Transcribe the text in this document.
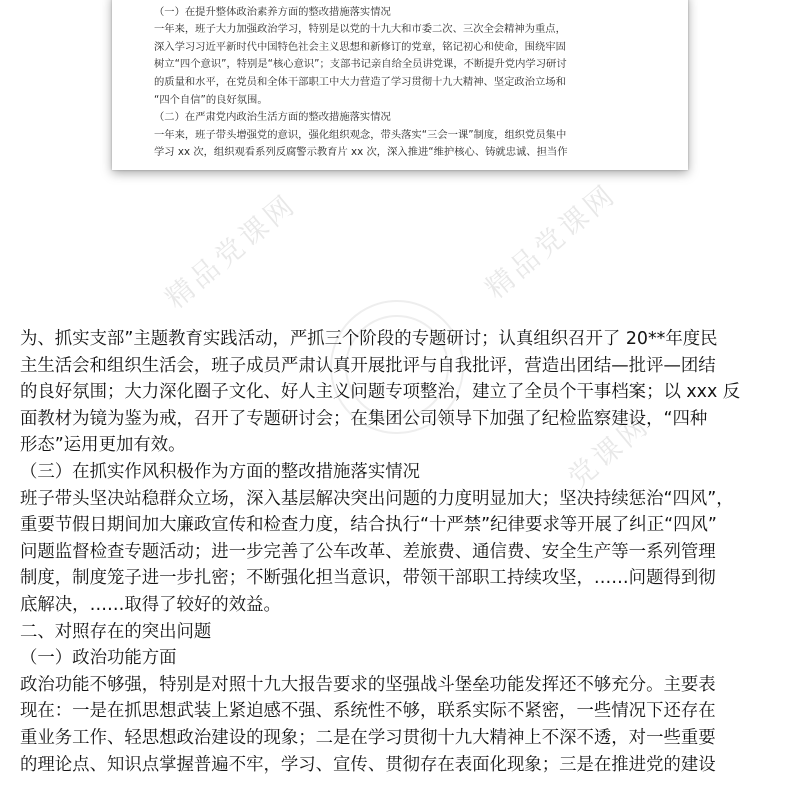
精品党课网	精品党课网
党课网
（一）在提升整体政治素养方面的整改措施落实情况
一年来，班子大力加强政治学习，特别是以党的十九大和市委二次、三次全会精神为重点，
深入学习习近平新时代中国特色社会主义思想和新修订的党章，铭记初心和使命，围绕牢固
树立“四个意识”，特别是“核心意识”；支部书记亲自给全员讲党课，不断提升党内学习研讨
的质量和水平，在党员和全体干部职工中大力营造了学习贯彻十九大精神、坚定政治立场和
“四个自信”的良好氛围。
（二）在严肃党内政治生活方面的整改措施落实情况
一年来，班子带头增强党的意识，强化组织观念，带头落实“三会一课”制度，组织党员集中
学习 xx 次，组织观看系列反腐警示教育片 xx 次，深入推进“维护核心、铸就忠诚、担当作
为、抓实支部”主题教育实践活动，严抓三个阶段的专题研讨；认真组织召开了 20**年度民
主生活会和组织生活会，班子成员严肃认真开展批评与自我批评，营造出团结—批评—团结
的良好氛围；大力深化圈子文化、好人主义问题专项整治，建立了全员个干事档案；以 xxx 反
面教材为镜为鉴为戒，召开了专题研讨会；在集团公司领导下加强了纪检监察建设，“四种
形态”运用更加有效。
（三）在抓实作风积极作为方面的整改措施落实情况
班子带头坚决站稳群众立场，深入基层解决突出问题的力度明显加大；坚决持续惩治“四风”，
重要节假日期间加大廉政宣传和检查力度，结合执行“十严禁”纪律要求等开展了纠正“四风”
问题监督检查专题活动；进一步完善了公车改革、差旅费、通信费、安全生产等一系列管理
制度，制度笼子进一步扎密；不断强化担当意识，带领干部职工持续攻坚，……问题得到彻
底解决，……取得了较好的效益。
二、对照存在的突出问题
（一）政治功能方面
政治功能不够强，特别是对照十九大报告要求的坚强战斗堡垒功能发挥还不够充分。主要表
现在：一是在抓思想武装上紧迫感不强、系统性不够，联系实际不紧密，一些情况下还存在
重业务工作、轻思想政治建设的现象；二是在学习贯彻十九大精神上不深不透，对一些重要
的理论点、知识点掌握普遍不牢，学习、宣传、贯彻存在表面化现象；三是在推进党的建设
